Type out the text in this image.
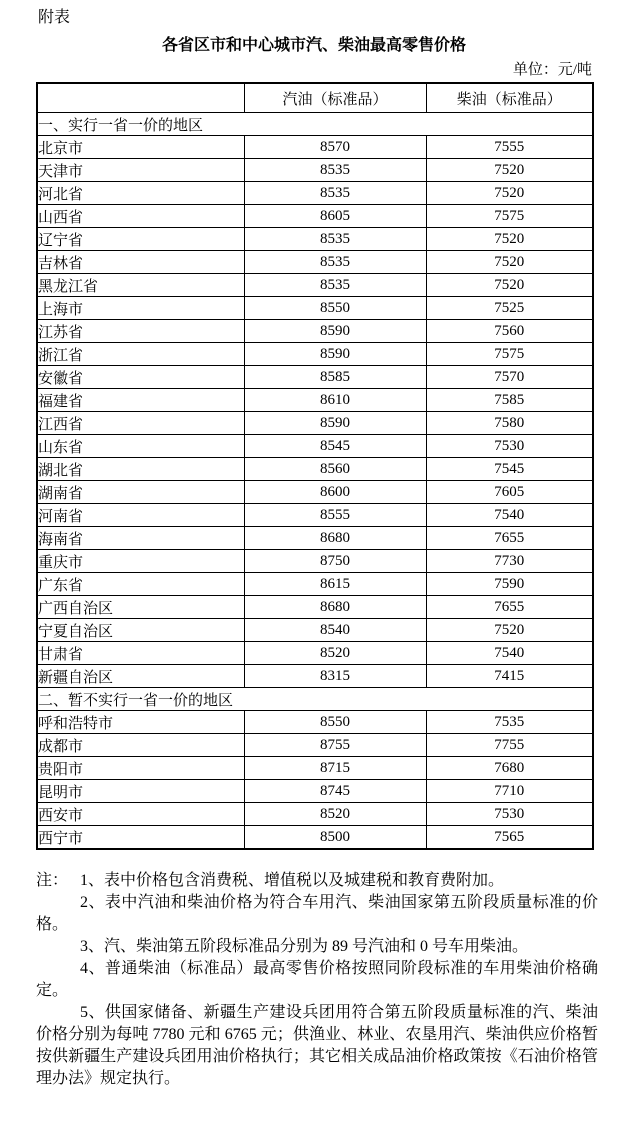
附表
各省区市和中心城市汽、柴油最高零售价格
单位：元/吨
	汽油（标准品）	柴油（标准品）
一、实行一省一价的地区		
北京市	8570	7555
天津市	8535	7520
河北省	8535	7520
山西省	8605	7575
辽宁省	8535	7520
吉林省	8535	7520
黑龙江省	8535	7520
上海市	8550	7525
江苏省	8590	7560
浙江省	8590	7575
安徽省	8585	7570
福建省	8610	7585
江西省	8590	7580
山东省	8545	7530
湖北省	8560	7545
湖南省	8600	7605
河南省	8555	7540
海南省	8680	7655
重庆市	8750	7730
广东省	8615	7590
广西自治区	8680	7655
宁夏自治区	8540	7520
甘肃省	8520	7540
新疆自治区	8315	7415
二、暂不实行一省一价的地区		
呼和浩特市	8550	7535
成都市	8755	7755
贵阳市	8715	7680
昆明市	8745	7710
西安市	8520	7530
西宁市	8500	7565
注： 1、表中价格包含消费税、增值税以及城建税和教育费附加。

2、表中汽油和柴油价格为符合车用汽、柴油国家第五阶段质量标准的价格。

3、汽、柴油第五阶段标准品分别为 89 号汽油和 0 号车用柴油。

4、普通柴油（标准品）最高零售价格按照同阶段标准的车用柴油价格确定。

5、供国家储备、新疆生产建设兵团用符合第五阶段质量标准的汽、柴油价格分别为每吨 7780 元和 6765 元；供渔业、林业、农垦用汽、柴油供应价格暂按供新疆生产建设兵团用油价格执行；其它相关成品油价格政策按《石油价格管理办法》规定执行。
